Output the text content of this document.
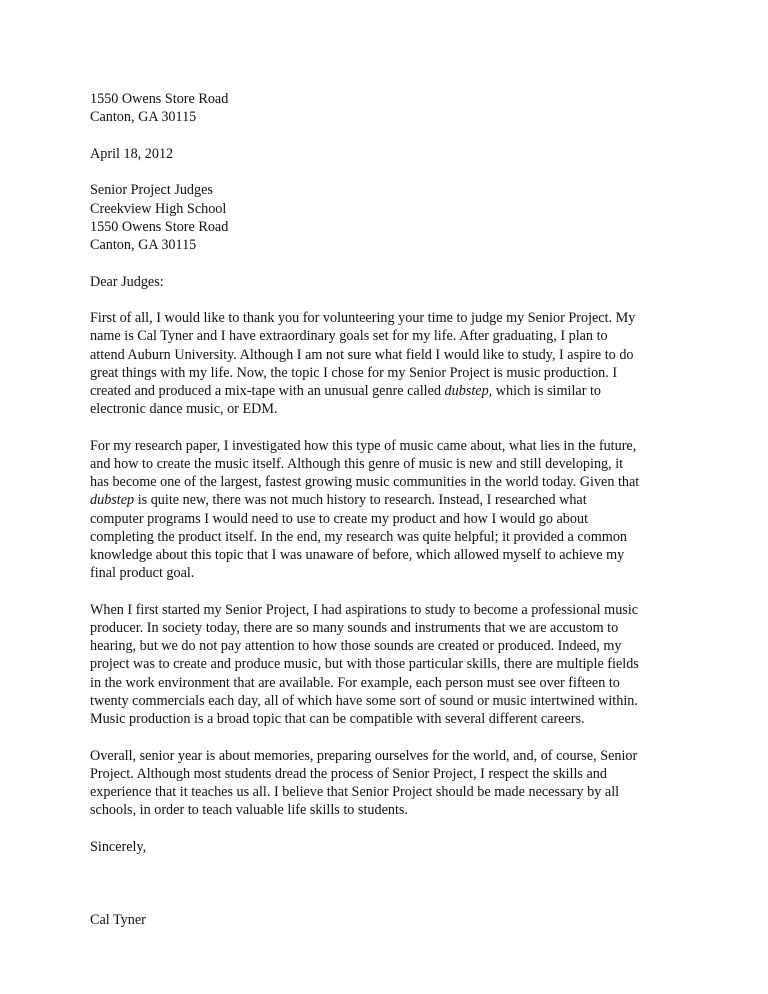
1550 Owens Store Road
Canton, GA 30115
April 18, 2012
Senior Project Judges
Creekview High School
1550 Owens Store Road
Canton, GA 30115
Dear Judges:
First of all, I would like to thank you for volunteering your time to judge my Senior Project. My
name is Cal Tyner and I have extraordinary goals set for my life. After graduating, I plan to
attend Auburn University. Although I am not sure what field I would like to study, I aspire to do
great things with my life. Now, the topic I chose for my Senior Project is music production. I
created and produced a mix-tape with an unusual genre called dubstep, which is similar to
electronic dance music, or EDM.
For my research paper, I investigated how this type of music came about, what lies in the future,
and how to create the music itself. Although this genre of music is new and still developing, it
has become one of the largest, fastest growing music communities in the world today. Given that
dubstep is quite new, there was not much history to research. Instead, I researched what
computer programs I would need to use to create my product and how I would go about
completing the product itself. In the end, my research was quite helpful; it provided a common
knowledge about this topic that I was unaware of before, which allowed myself to achieve my
final product goal.
When I first started my Senior Project, I had aspirations to study to become a professional music
producer. In society today, there are so many sounds and instruments that we are accustom to
hearing, but we do not pay attention to how those sounds are created or produced. Indeed, my
project was to create and produce music, but with those particular skills, there are multiple fields
in the work environment that are available. For example, each person must see over fifteen to
twenty commercials each day, all of which have some sort of sound or music intertwined within.
Music production is a broad topic that can be compatible with several different careers.
Overall, senior year is about memories, preparing ourselves for the world, and, of course, Senior
Project. Although most students dread the process of Senior Project, I respect the skills and
experience that it teaches us all. I believe that Senior Project should be made necessary by all
schools, in order to teach valuable life skills to students.
Sincerely,
Cal Tyner
